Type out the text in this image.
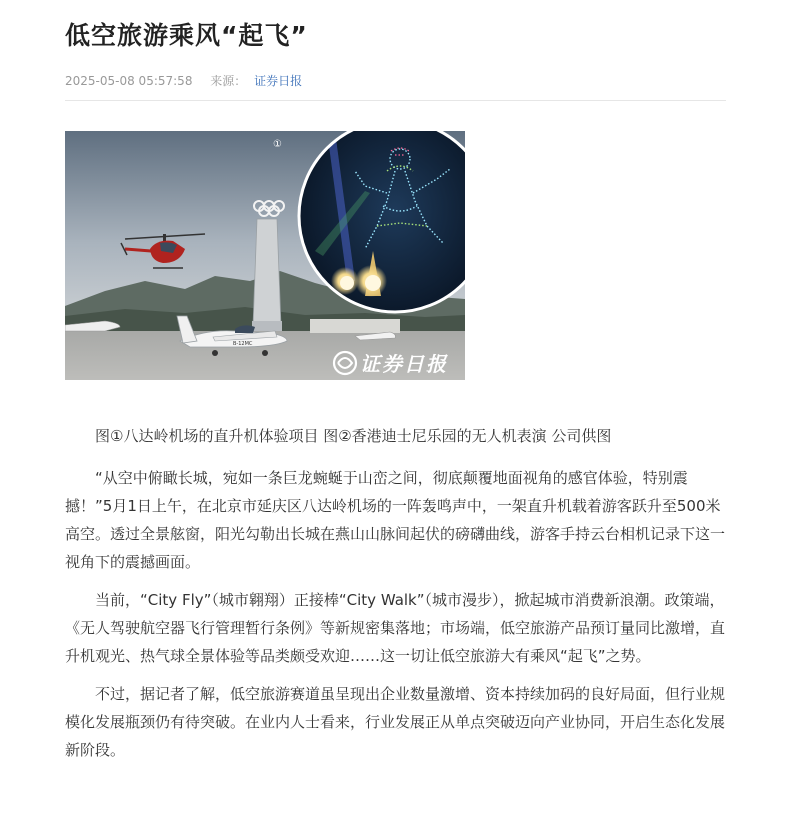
低空旅游乘风“起飞”
2025-05-08 05:57:58 来源： 证券日报
B-12MC
①
证券日报

图①八达岭机场的直升机体验项目 图②香港迪士尼乐园的无人机表演 公司供图

“从空中俯瞰长城，宛如一条巨龙蜿蜒于山峦之间，彻底颠覆地面视角的感官体验，特别震撼！”5月1日上午，在北京市延庆区八达岭机场的一阵轰鸣声中，一架直升机载着游客跃升至500米高空。透过全景舷窗，阳光勾勒出长城在燕山山脉间起伏的磅礴曲线，游客手持云台相机记录下这一视角下的震撼画面。

当前，“City Fly”（城市翱翔）正接棒“City Walk”（城市漫步），掀起城市消费新浪潮。政策端，《无人驾驶航空器飞行管理暂行条例》等新规密集落地；市场端，低空旅游产品预订量同比激增，直升机观光、热气球全景体验等品类颇受欢迎……这一切让低空旅游大有乘风“起飞”之势。

不过，据记者了解，低空旅游赛道虽呈现出企业数量激增、资本持续加码的良好局面，但行业规模化发展瓶颈仍有待突破。在业内人士看来，行业发展正从单点突破迈向产业协同，开启生态化发展新阶段。
